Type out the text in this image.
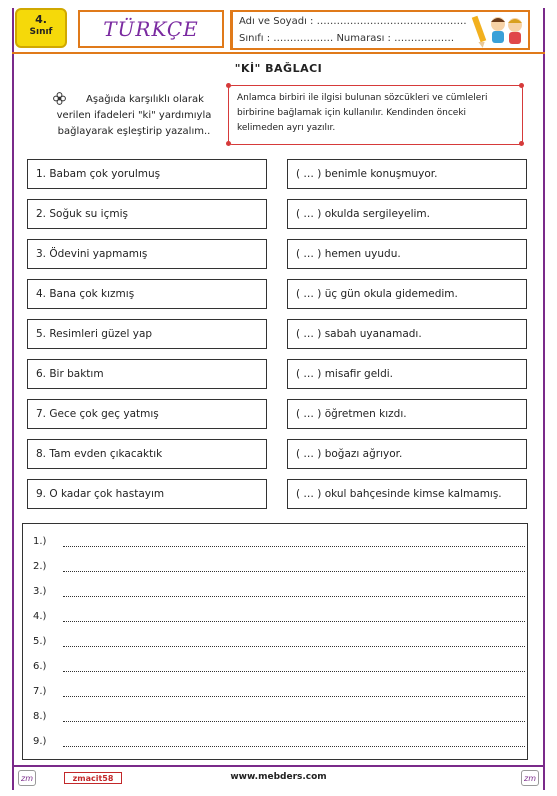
4.
Sınıf	TÜRKÇE	Adı ve Soyadı : ………………………………………
Sınıfı : ……………… Numarası : ………………
"Kİ" BAĞLACI
Aşağıda karşılıklı olarak verilen ifadeleri "ki" yardımıyla bağlayarak eşleştirip yazalım..
Anlamca birbiri ile ilgisi bulunan sözcükleri ve cümleleri birbirine bağlamak için kullanılır. Kendinden önceki kelimeden ayrı yazılır.
1. Babam çok yorulmuş
2. Soğuk su içmiş
3. Ödevini yapmamış
4. Bana çok kızmış
5. Resimleri güzel yap
6. Bir baktım
7. Gece çok geç yatmış
8. Tam evden çıkacaktık
9. O kadar çok hastayım
( … ) benimle konuşmuyor.
( … ) okulda sergileyelim.
( … ) hemen uyudu.
( … ) üç gün okula gidemedim.
( … ) sabah uyanamadı.
( … ) misafir geldi.
( … ) öğretmen kızdı.
( … ) boğazı ağrıyor.
( … ) okul bahçesinde kimse kalmamış.
1.)
2.)
3.)
4.)
5.)
6.)
7.)
8.)
9.)
zm	zmacit58	www.mebders.com	zm
